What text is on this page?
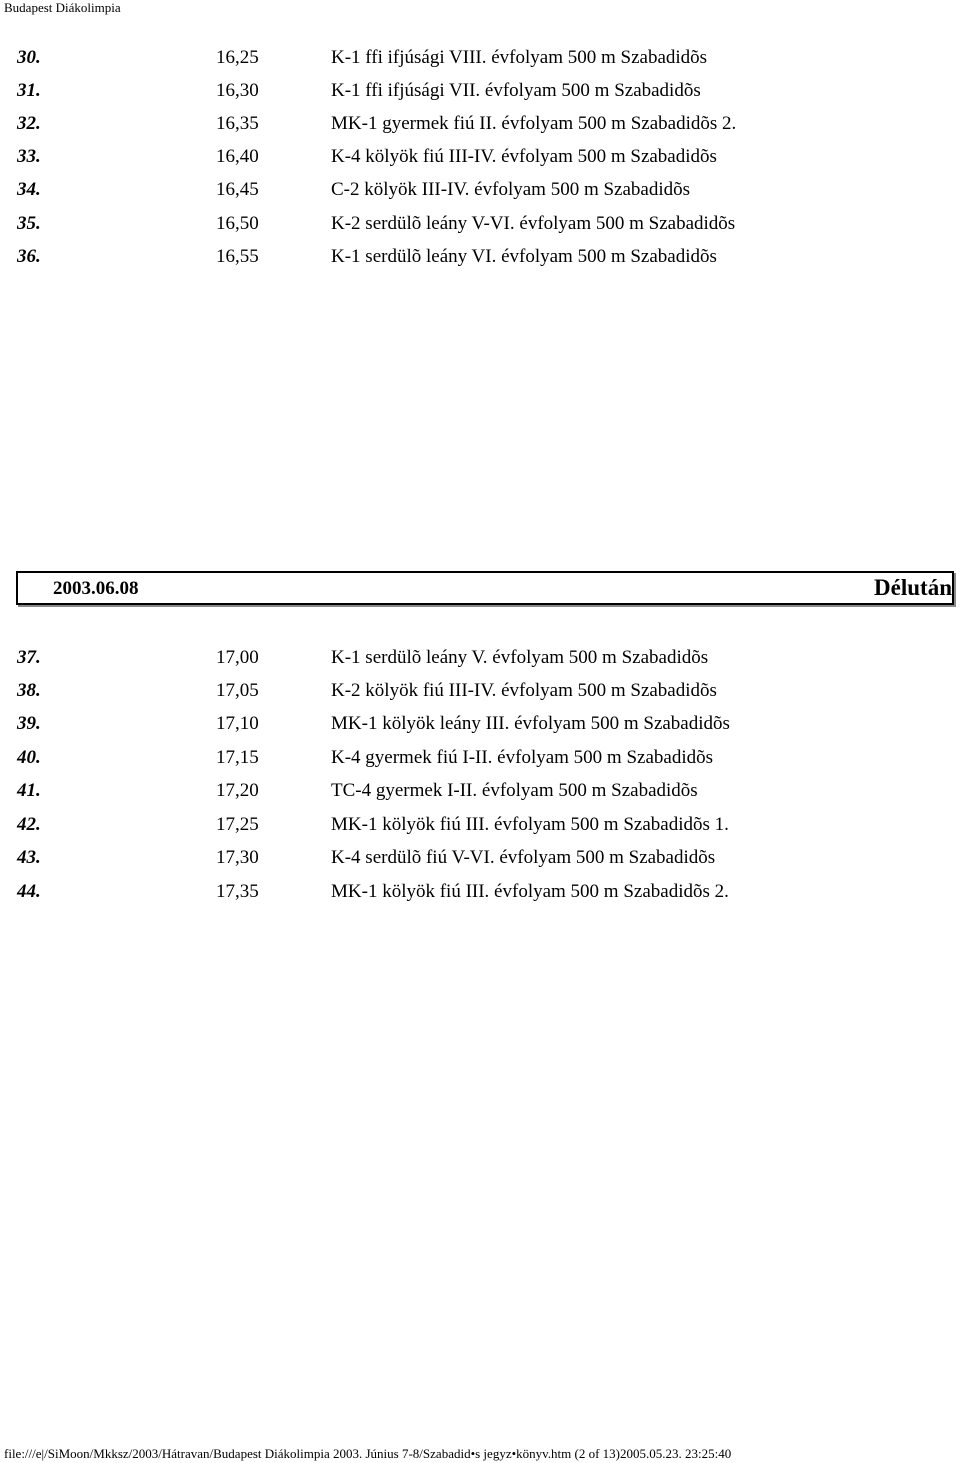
Budapest Diákolimpia
30.	16,25	K-1 ffi ifjúsági VIII. évfolyam 500 m Szabadidõs
31.	16,30	K-1 ffi ifjúsági VII. évfolyam 500 m Szabadidõs
32.	16,35	MK-1 gyermek fiú II. évfolyam 500 m Szabadidõs 2.
33.	16,40	K-4 kölyök fiú III-IV. évfolyam 500 m Szabadidõs
34.	16,45	C-2 kölyök III-IV. évfolyam 500 m Szabadidõs
35.	16,50	K-2 serdülõ leány V-VI. évfolyam 500 m Szabadidõs
36.	16,55	K-1 serdülõ leány VI. évfolyam 500 m Szabadidõs
2003.06.08	Délután
37.	17,00	K-1 serdülõ leány V. évfolyam 500 m Szabadidõs
38.	17,05	K-2 kölyök fiú III-IV. évfolyam 500 m Szabadidõs
39.	17,10	MK-1 kölyök leány III. évfolyam 500 m Szabadidõs
40.	17,15	K-4 gyermek fiú I-II. évfolyam 500 m Szabadidõs
41.	17,20	TC-4 gyermek I-II. évfolyam 500 m Szabadidõs
42.	17,25	MK-1 kölyök fiú III. évfolyam 500 m Szabadidõs 1.
43.	17,30	K-4 serdülõ fiú V-VI. évfolyam 500 m Szabadidõs
44.	17,35	MK-1 kölyök fiú III. évfolyam 500 m Szabadidõs 2.
file:///e|/SiMoon/Mkksz/2003/Hátravan/Budapest Diákolimpia 2003. Június 7-8/Szabadid•s jegyz•könyv.htm (2 of 13)2005.05.23. 23:25:40
